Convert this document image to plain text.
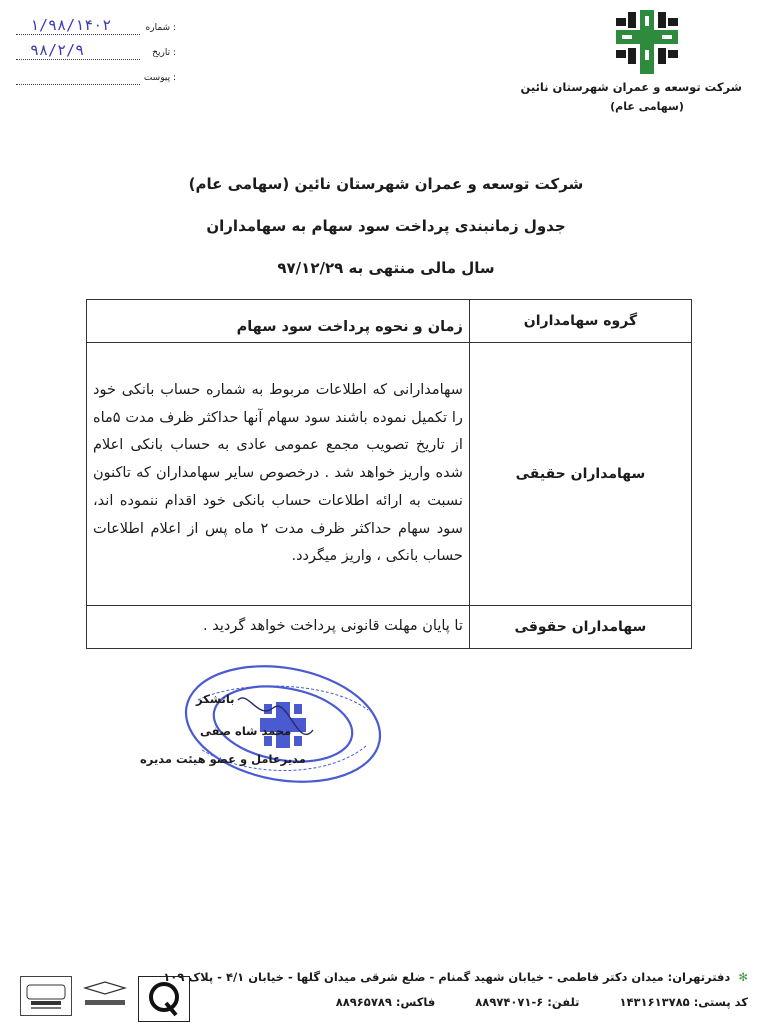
شرکت توسعه و عمران شهرستان نائین
(سهامی عام)
۱/۹۸/۱۴۰۲	شماره :
۹۸/۲/۹	تاریخ :
پیوست :
شرکت توسعه و عمران شهرستان نائین (سهامی عام)
جدول زمانبندی پرداخت سود سهام به سهامداران
سال مالی منتهی به ۹۷/۱۲/۲۹
گروه سهامداران	زمان و نحوه پرداخت سود سهام
سهامداران حقیقی	سهامدارانی که اطلاعات مربوط به شماره حساب بانکی خود را تکمیل نموده باشند سود سهام آنها حداکثر ظرف مدت ۵ماه از تاریخ تصویب مجمع عمومی عادی به حساب بانکی اعلام شده واریز خواهد شد . درخصوص سایر سهامداران که تاکنون نسبت به ارائه اطلاعات حساب بانکی خود اقدام ننموده اند، سود سهام حداکثر ظرف مدت ۲ ماه پس از اعلام اطلاعات حساب بانکی ، واریز میگردد.
سهامداران حقوقی	تا پایان مهلت قانونی پرداخت خواهد گردید .
باتشکر
محمد شاه صفی
مدیرعامل و عضو هیئت مدیره
✻ دفترتهران: میدان دکتر فاطمی - خیابان شهید گمنام - ضلع شرقی میدان گلها - خیابان ۴/۱ - پلاک ۱۰۹
کد پستی: ۱۴۳۱۶۱۳۷۸۵
تلفن: ۶-۸۸۹۷۴۰۷۱
فاکس: ۸۸۹۶۵۷۸۹
